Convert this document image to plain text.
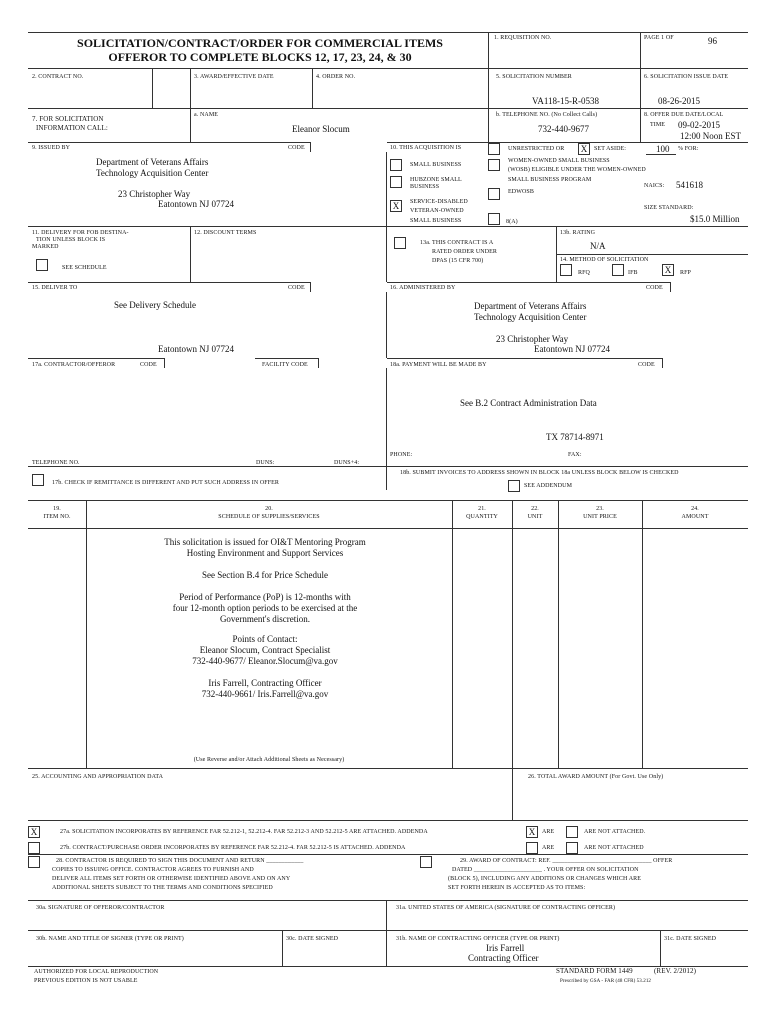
SOLICITATION/CONTRACT/ORDER FOR COMMERCIAL ITEMS
OFFEROR TO COMPLETE BLOCKS 12, 17, 23, 24, & 30
1. REQUISITION NO.	PAGE 1 OF	96
2. CONTRACT NO.	3. AWARD/EFFECTIVE DATE	4. ORDER NO.	5. SOLICITATION NUMBER
VA118-15-R-0538
6. SOLICITATION ISSUE DATE
08-26-2015
7. FOR SOLICITATION
INFORMATION CALL:
a. NAME
Eleanor Slocum
b. TELEPHONE NO. (No Collect Calls)
732-440-9677
8. OFFER DUE DATE/LOCAL
TIME 09-02-2015
12:00 Noon EST
9. ISSUED BY	CODE
Department of Veterans Affairs
Technology Acquisition Center
23 Christopher Way
Eatontown NJ 07724
10. THIS ACQUISITION IS	UNRESTRICTED OR	X	SET ASIDE:	100 % FOR:
SMALL BUSINESS
HUBZONE SMALL
BUSINESS
X	SERVICE-DISABLED
VETERAN-OWNED
SMALL BUSINESS
WOMEN-OWNED SMALL BUSINESS
(WOSB) ELIGIBLE UNDER THE WOMEN-OWNED
SMALL BUSINESS PROGRAM
EDWOSB
8(A)
NAICS: 541618
SIZE STANDARD:
$15.0 Million
11. DELIVERY FOR FOB DESTINA-
TION UNLESS BLOCK IS
MARKED
SEE SCHEDULE
12. DISCOUNT TERMS
13a. THIS CONTRACT IS A
RATED ORDER UNDER
DPAS (15 CFR 700)
13b. RATING
N/A
14. METHOD OF SOLICITATION
RFQ	IFB	X	RFP
15. DELIVER TO	CODE
See Delivery Schedule
Eatontown NJ 07724
16. ADMINISTERED BY	CODE
Department of Veterans Affairs
Technology Acquisition Center
23 Christopher Way
Eatontown NJ 07724
17a. CONTRACTOR/OFFEROR	CODE	FACILITY CODE	18a. PAYMENT WILL BE MADE BY	CODE
See B.2 Contract Administration Data
TX 78714-8971
PHONE:	FAX:
TELEPHONE NO.	DUNS:	DUNS+4:
17b. CHECK IF REMITTANCE IS DIFFERENT AND PUT SUCH ADDRESS IN OFFER
18b. SUBMIT INVOICES TO ADDRESS SHOWN IN BLOCK 18a UNLESS BLOCK BELOW IS CHECKED
SEE ADDENDUM
19.
ITEM NO.
20.
SCHEDULE OF SUPPLIES/SERVICES
21.
QUANTITY
22.
UNIT
23.
UNIT PRICE
24.
AMOUNT
This solicitation is issued for OI&T Mentoring Program
Hosting Environment and Support Services
See Section B.4 for Price Schedule
Period of Performance (PoP) is 12-months with
four 12-month option periods to be exercised at the
Government's discretion.
Points of Contact:
Eleanor Slocum, Contract Specialist
732-440-9677/ Eleanor.Slocum@va.gov
Iris Farrell, Contracting Officer
732-440-9661/ Iris.Farrell@va.gov
(Use Reverse and/or Attach Additional Sheets as Necessary)
25. ACCOUNTING AND APPROPRIATION DATA	26. TOTAL AWARD AMOUNT (For Govt. Use Only)
X	27a. SOLICITATION INCORPORATES BY REFERENCE FAR 52.212-1, 52.212-4. FAR 52.212-3 AND 52.212-5 ARE ATTACHED. ADDENDA	X	ARE	ARE NOT ATTACHED.
27b. CONTRACT/PURCHASE ORDER INCORPORATES BY REFERENCE FAR 52.212-4. FAR 52.212-5 IS ATTACHED. ADDENDA	ARE	ARE NOT ATTACHED
28. CONTRACTOR IS REQUIRED TO SIGN THIS DOCUMENT AND RETURN ____________
COPIES TO ISSUING OFFICE. CONTRACTOR AGREES TO FURNISH AND
DELIVER ALL ITEMS SET FORTH OR OTHERWISE IDENTIFIED ABOVE AND ON ANY
ADDITIONAL SHEETS SUBJECT TO THE TERMS AND CONDITIONS SPECIFIED
29. AWARD OF CONTRACT: REF. ________________________________ OFFER
DATED ______________________ . YOUR OFFER ON SOLICITATION
(BLOCK 5), INCLUDING ANY ADDITIONS OR CHANGES WHICH ARE
SET FORTH HEREIN IS ACCEPTED AS TO ITEMS:
30a. SIGNATURE OF OFFEROR/CONTRACTOR	31a. UNITED STATES OF AMERICA (SIGNATURE OF CONTRACTING OFFICER)
30b. NAME AND TITLE OF SIGNER (TYPE OR PRINT)	30c. DATE SIGNED	31b. NAME OF CONTRACTING OFFICER (TYPE OR PRINT)
Iris Farrell
Contracting Officer
31c. DATE SIGNED
AUTHORIZED FOR LOCAL REPRODUCTION
PREVIOUS EDITION IS NOT USABLE
STANDARD FORM 1449	(REV. 2/2012)
Prescribed by GSA - FAR (48 CFR) 53.212
